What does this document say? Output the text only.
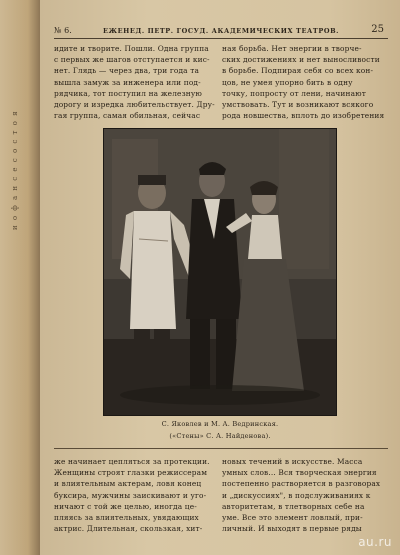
и о ф а н с е с о с т о я
№ 6.	ЕЖЕНЕД. ПЕТР. ГОСУД. АКАДЕМИЧЕСКИХ ТЕАТРОВ.	25
идите и творите. Пошли. Одна группа
с первых же шагов отступается и кис-
нет. Глядь — через два, три года та
вышла замуж за инженера или под-
рядчика, тот поступил на железную
дорогу и изредка любительствует. Дру-
гая группа, самая обильная, сейчас
ная борьба. Нет энергии в творче-
ских достижениях и нет выносливости
в борьбе. Подпирая себя со всех кон-
цов, не умея упорно бить в одну
точку, попросту от лени, начинают
умствовать. Тут и возникают всякого
рода новшества, вплоть до изобретения
С. Яковлев и М. А. Ведринская.
(«Стены» С. А. Найденова).
же начинает цепляться за протекции.
Женщины строят глазки режиссерам
и влиятельным актерам, ловя конец
буксира, мужчины заискивают и уго-
ничают с той же целью, иногда це-
пляясь за влиятельных, увядающих
актрис. Длительная, скользкая, хит-
новых течений в искусстве. Масса
умных слов... Вся творческая энергия
постепенно растворяется в разговорах
и „дискуссиях", в подслуживаниях к
авторитетам, в тлетворных себе на
уме. Все это элемент ловлый, при-
личный. И выходят в первые ряды
au.ru
